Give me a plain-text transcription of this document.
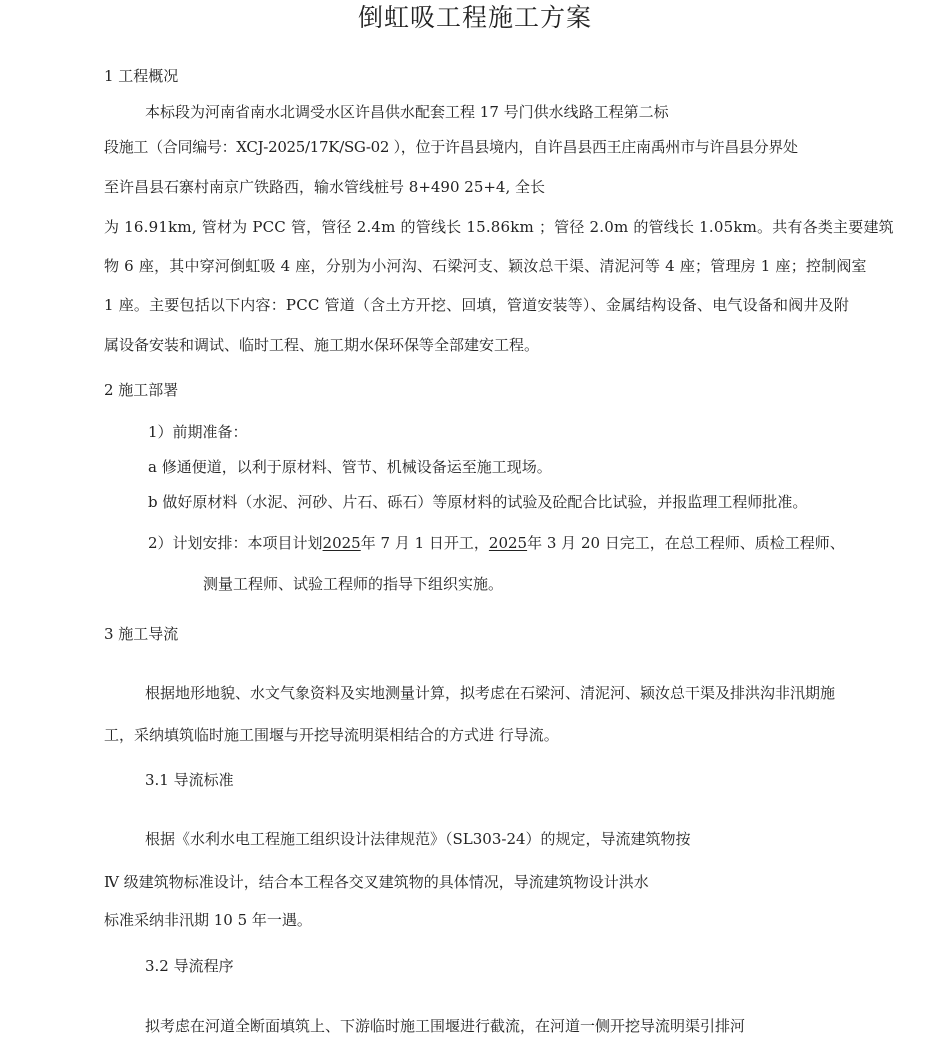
倒虹吸工程施工方案

1 工程概况

本标段为河南省南水北调受水区许昌供水配套工程 17 号门供水线路工程第二标

段施工（合同编号：XCJ-2025/17K/SG-02 ），位于许昌县境内，自许昌县西王庄南禹州市与许昌县分界处

至许昌县石寨村南京广铁路西，输水管线桩号 8+490 25+4, 全长

为 16.91km, 管材为 PCC 管，管径 2.4m 的管线长 15.86km ；管径 2.0m 的管线长 1.05km。共有各类主要建筑

物 6 座，其中穿河倒虹吸 4 座，分别为小河沟、石梁河支、颖汝总干渠、清泥河等 4 座；管理房 1 座；控制阀室

1 座。主要包括以下内容：PCC 管道（含土方开挖、回填，管道安装等）、金属结构设备、电气设备和阀井及附

属设备安装和调试、临时工程、施工期水保环保等全部建安工程。

2 施工部署

1）前期准备：

a 修通便道，以利于原材料、管节、机械设备运至施工现场。

b 做好原材料（水泥、河砂、片石、砾石）等原材料的试验及砼配合比试验，并报监理工程师批准。

2）计划安排：本项目计划2025年 7 月 1 日开工，2025年 3 月 20 日完工，在总工程师、质检工程师、

测量工程师、试验工程师的指导下组织实施。

3 施工导流

根据地形地貌、水文气象资料及实地测量计算，拟考虑在石梁河、清泥河、颍汝总干渠及排洪沟非汛期施

工，采纳填筑临时施工围堰与开挖导流明渠相结合的方式进 行导流。

3.1 导流标准

根据《水利水电工程施工组织设计法律规范》（SL303-24）的规定，导流建筑物按

Ⅳ 级建筑物标准设计，结合本工程各交叉建筑物的具体情况，导流建筑物设计洪水

标准采纳非汛期 10 5 年一遇。

3.2 导流程序

拟考虑在河道全断面填筑上、下游临时施工围堰进行截流，在河道一侧开挖导流明渠引排河
